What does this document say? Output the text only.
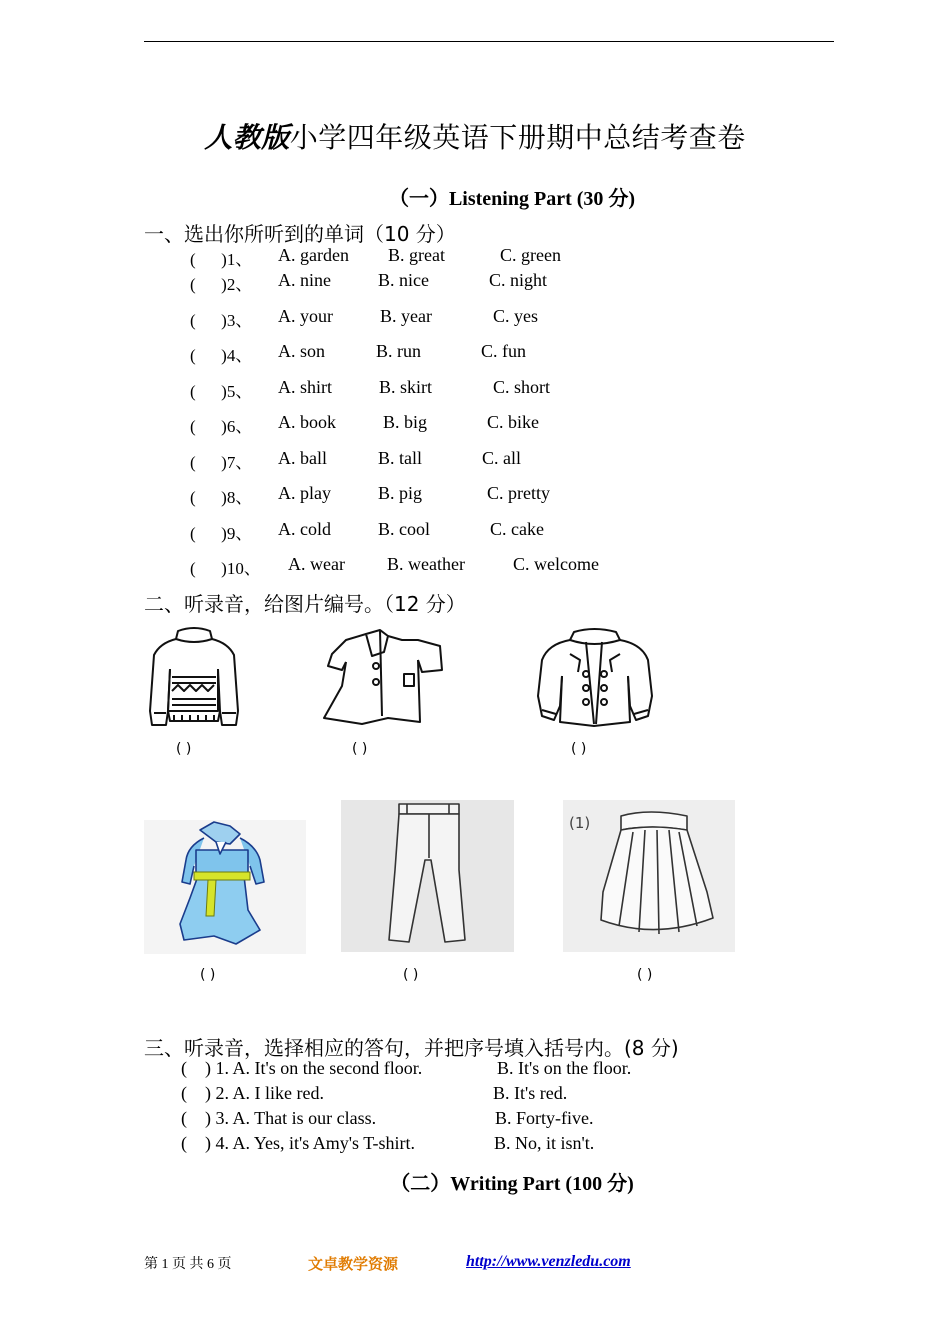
人教版小学四年级英语下册期中总结考查卷
（一）Listening Part (30 分)
一、选出你所听到的单词（10 分）
(      )1、 A. garden B. great	C. green
(      )2、 A. nine	B. nice	C. night
(      )3、 A. your	B. year	C. yes
(      )4、 A. son	B. run	C. fun
(      )5、 A. shirt	B. skirt	C. short
(      )6、 A. book	B. big	C. bike
(      )7、 A. ball	B. tall	C. all
(      )8、 A. play	B. pig	C. pretty
(      )9、 A. cold	B. cool	C. cake
(      )10、 A. wear B. weather	C. welcome
二、听录音，给图片编号。（12 分）
( )	( )	( )
(1)
( )	( )	( )
三、听录音，选择相应的答句，并把序号填入括号内。(8 分)
(    ) 1. A. It's on the second floor.	B. It's on the floor.
(    ) 2. A. I like red.	B. It's red.
(    ) 3. A. That is our class.	B. Forty-five.
(    ) 4. A. Yes, it's Amy's T-shirt.	B. No, it isn't.
（二）Writing Part (100 分)
第 1 页 共 6 页	文卓教学资源	http://www.venzledu.com
